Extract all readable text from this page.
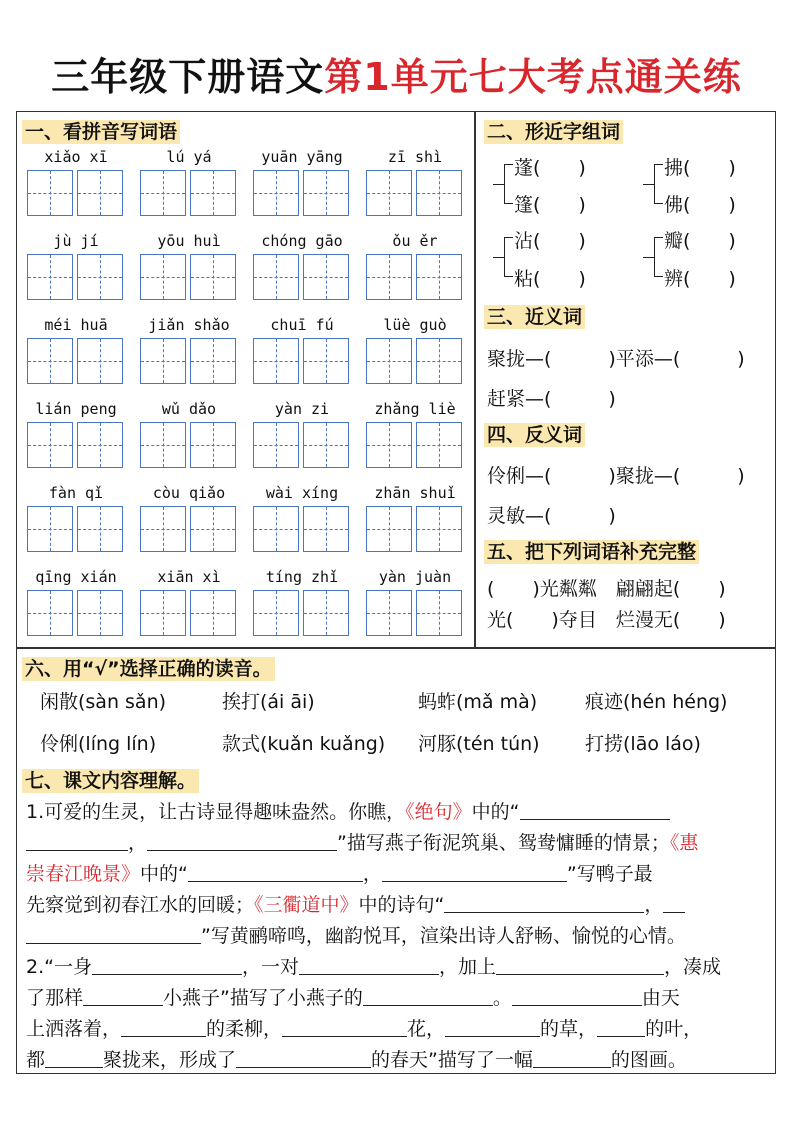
三年级下册语文第1单元七大考点通关练
一、看拼音写词语
xiǎo xī	lú yá	yuān yāng	zī shì
jù jí	yōu huì	chóng gāo	ǒu ěr
méi huā	jiǎn shǎo	chuī fú	lüè guò
lián peng	wǔ dǎo	yàn zi	zhǎng liè
fàn qǐ	còu qiǎo	wài xíng	zhān shuǐ
qīng xián	xiān xì	tíng zhǐ	yàn juàn
二、形近字组词
蓬(　　)
篷(　　)
拂(　　)
佛(　　)
沾(　　)
粘(　　)
瓣(　　)
辨(　　)
三、近义词
聚拢—(　　　)平添—(　　　)
赶紧—(　　　)
四、反义词
伶俐—(　　　)聚拢—(　　　)
灵敏—(　　　)
五、把下列词语补充完整
(　　)光粼粼　翩翩起(　　)
光(　　)夺目　烂漫无(　　)
六、用“√”选择正确的读音。
闲散(sàn sǎn)	挨打(ái āi)	蚂蚱(mǎ mà)	痕迹(hén héng)
伶俐(líng lín)	款式(kuǎn kuǎng) 河豚(tén tún) 打捞(lāo láo)
七、课文内容理解。
1.可爱的生灵，让古诗显得趣味盎然。你瞧，《绝句》中的“
，	”描写燕子衔泥筑巢、鸳鸯慵睡的情景；《惠
崇春江晚景》中的“	，	”写鸭子最
先察觉到初春江水的回暖；《三衢道中》中的诗句“	，
”写黄鹂啼鸣，幽韵悦耳，渲染出诗人舒畅、愉悦的心情。
2.“一身	，一对	，加上	，凑成
了那样	小燕子”描写了小燕子的	。	由天
上洒落着，	的柔柳，	花，	的草，	的叶，
都	聚拢来，形成了	的春天”描写了一幅	的图画。
